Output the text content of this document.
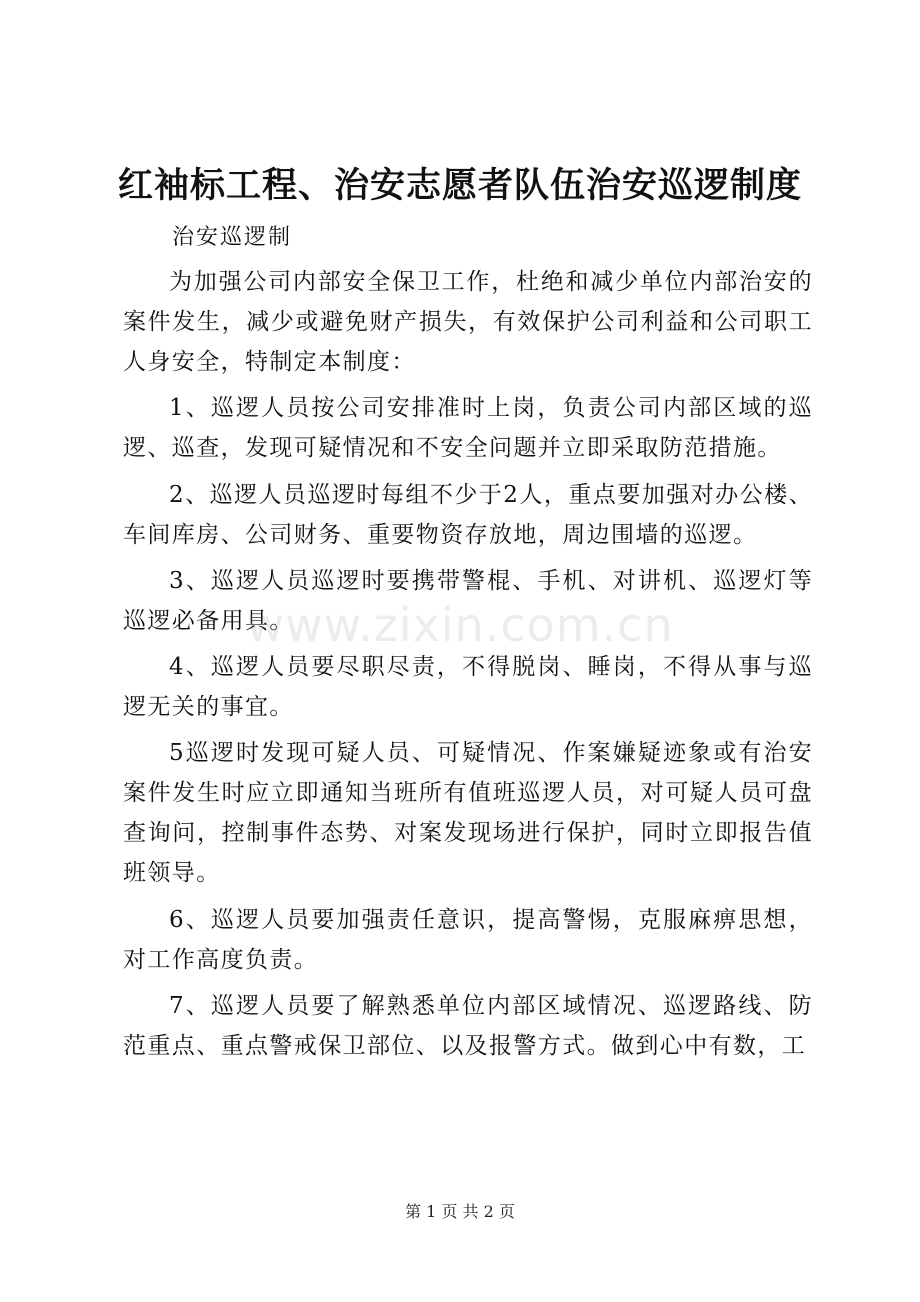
红袖标工程、治安志愿者队伍治安巡逻制度

治安巡逻制

为加强公司内部安全保卫工作，杜绝和减少单位内部治安的案件发生，减少或避免财产损失，有效保护公司利益和公司职工人身安全，特制定本制度：

1、巡逻人员按公司安排准时上岗，负责公司内部区域的巡逻、巡查，发现可疑情况和不安全问题并立即采取防范措施。

2、巡逻人员巡逻时每组不少于2人，重点要加强对办公楼、车间库房、公司财务、重要物资存放地，周边围墙的巡逻。

3、巡逻人员巡逻时要携带警棍、手机、对讲机、巡逻灯等巡逻必备用具。

4、巡逻人员要尽职尽责，不得脱岗、睡岗，不得从事与巡逻无关的事宜。

5巡逻时发现可疑人员、可疑情况、作案嫌疑迹象或有治安案件发生时应立即通知当班所有值班巡逻人员，对可疑人员可盘查询问，控制事件态势、对案发现场进行保护，同时立即报告值班领导。

6、巡逻人员要加强责任意识，提高警惕，克服麻痹思想，对工作高度负责。

7、巡逻人员要了解熟悉单位内部区域情况、巡逻路线、防范重点、重点警戒保卫部位、以及报警方式。做到心中有数，工

www.zixin.com.cn
第 1 页 共 2 页
